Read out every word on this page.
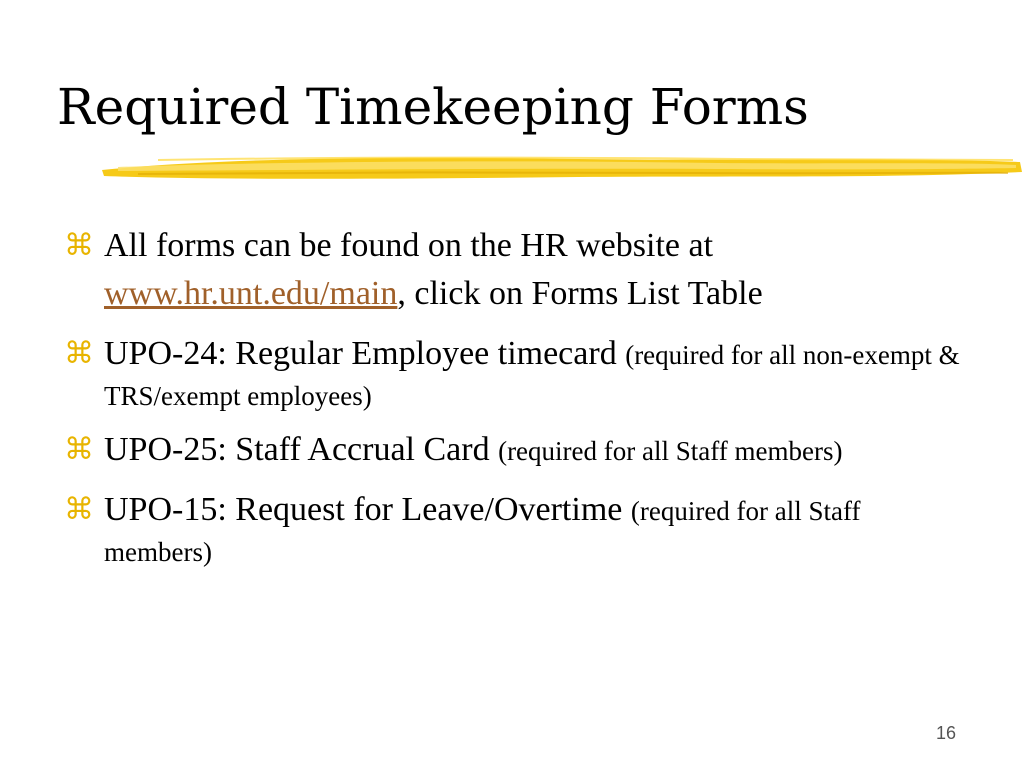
Required Timekeeping Forms
⌘ All forms can be found on the HR website at
www.hr.unt.edu/main, click on Forms List Table
⌘ UPO-24: Regular Employee timecard (required for all non-exempt & TRS/exempt employees)
⌘ UPO-25: Staff Accrual Card (required for all Staff members)
⌘ UPO-15: Request for Leave/Overtime (required for all Staff members)
16
